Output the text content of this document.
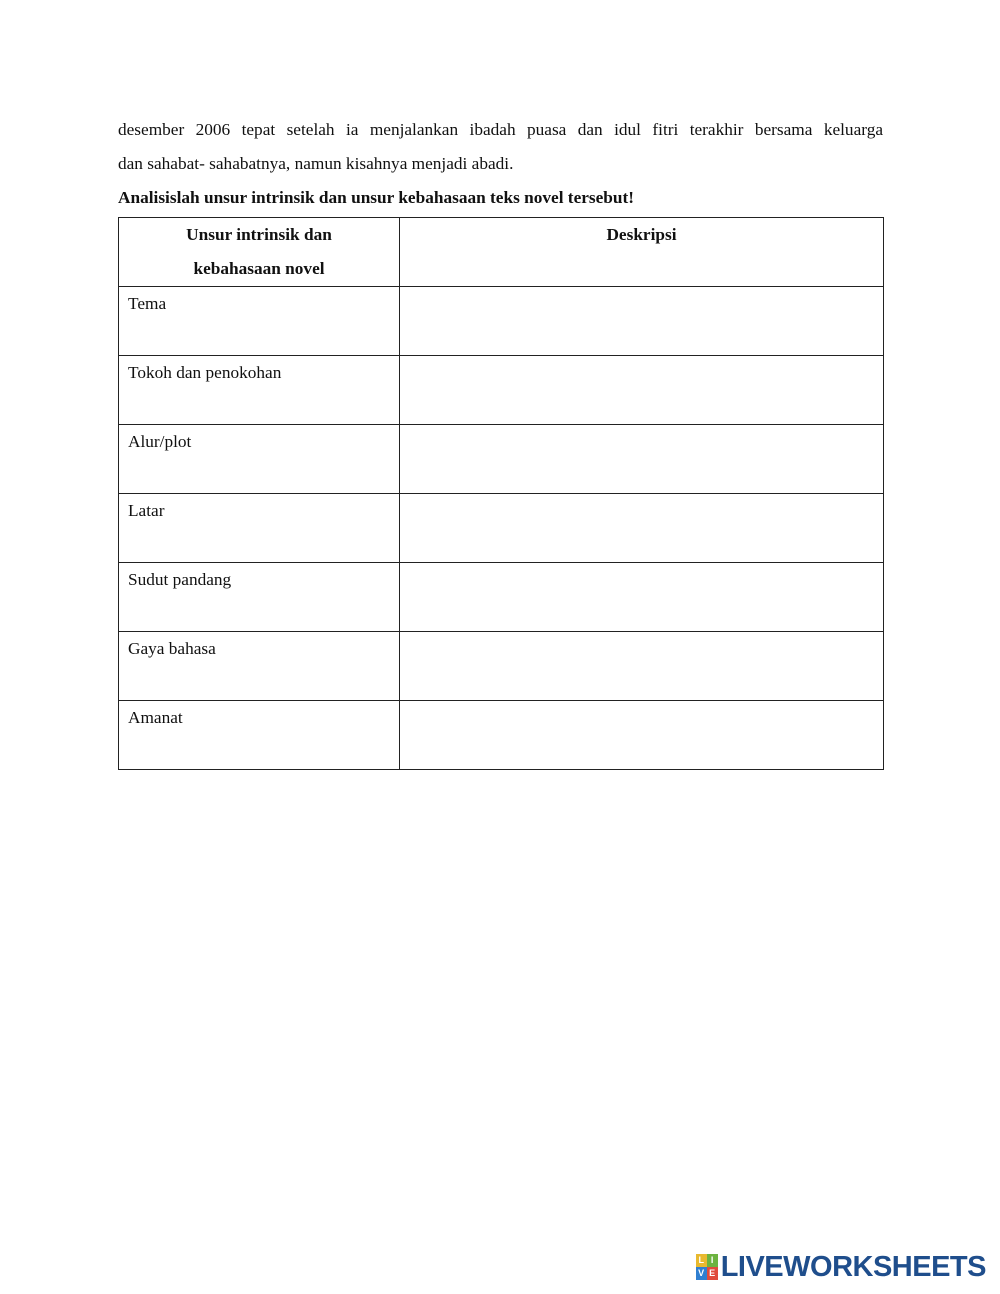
desember 2006 tepat setelah ia menjalankan ibadah puasa dan idul fitri terakhir bersama keluarga
dan sahabat- sahabatnya, namun kisahnya menjadi abadi.
Analisislah unsur intrinsik dan unsur kebahasaan teks novel tersebut!
Unsur intrinsik dan
kebahasaan novel	Deskripsi
Tema	
Tokoh dan penokohan	
Alur/plot	
Latar	
Sudut pandang	
Gaya bahasa	
Amanat	
L I
V E LIVEWORKSHEETS
